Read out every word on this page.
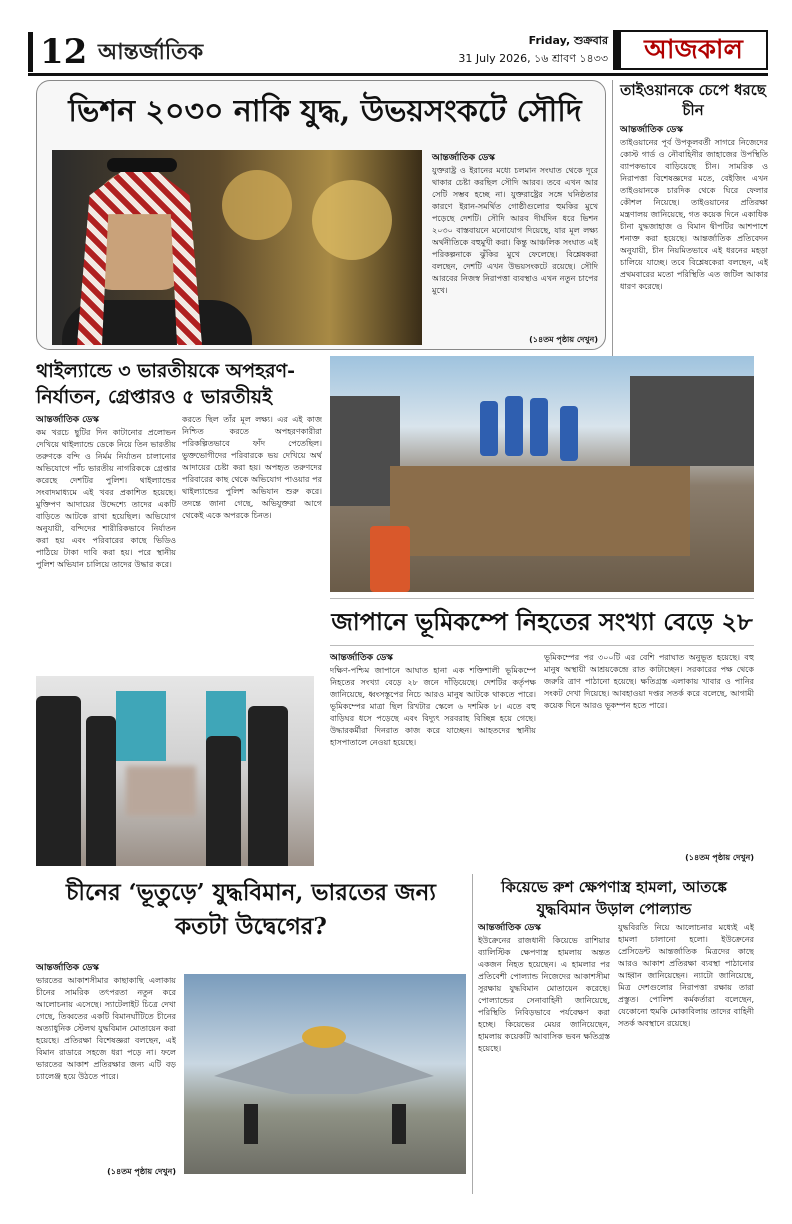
12 আন্তর্জাতিক	Friday, শুক্রবার
31 July 2026, ১৬ শ্রাবণ ১৪৩৩	আজকাল
ভিশন ২০৩০ নাকি যুদ্ধ, উভয়সংকটে সৌদি
আন্তর্জাতিক ডেস্ক
যুক্তরাষ্ট্র ও ইরানের মধ্যে চলমান সংঘাত থেকে দূরে থাকার চেষ্টা করছিল সৌদি আরব। তবে এখন আর সেটি সম্ভব হচ্ছে না। যুক্তরাষ্ট্রের সঙ্গে ঘনিষ্ঠতার কারণে ইরান-সমর্থিত গোষ্ঠীগুলোর হুমকির মুখে পড়েছে দেশটি। সৌদি আরব দীর্ঘদিন ধরে ভিশন ২০৩০ বাস্তবায়নে মনোযোগ দিয়েছে, যার মূল লক্ষ্য অর্থনীতিকে বহুমুখী করা। কিন্তু আঞ্চলিক সংঘাত এই পরিকল্পনাকে ঝুঁকির মুখে ফেলেছে। বিশ্লেষকরা বলছেন, দেশটি এখন উভয়সংকটে রয়েছে। সৌদি আরবের নিজস্ব নিরাপত্তা ব্যবস্থাও এখন নতুন চাপের মুখে।
(১৪তম পৃষ্ঠায় দেখুন)
তাইওয়ানকে চেপে ধরছে চীন
আন্তর্জাতিক ডেস্ক
তাইওয়ানের পূর্ব উপকূলবর্তী সাগরে নিজেদের কোস্ট গার্ড ও নৌবাহিনীর জাহাজের উপস্থিতি ব্যাপকভাবে বাড়িয়েছে চীন। সামরিক ও নিরাপত্তা বিশেষজ্ঞদের মতে, বেইজিং এখন তাইওয়ানকে চারদিক থেকে ঘিরে ফেলার কৌশল নিয়েছে। তাইওয়ানের প্রতিরক্ষা মন্ত্রণালয় জানিয়েছে, গত কয়েক দিনে একাধিক চীনা যুদ্ধজাহাজ ও বিমান দ্বীপটির আশপাশে শনাক্ত করা হয়েছে। আন্তর্জাতিক প্রতিবেদন অনুযায়ী, চীন নিয়মিতভাবে এই ধরনের মহড়া চালিয়ে যাচ্ছে। তবে বিশ্লেষকেরা বলছেন, এই প্রথমবারের মতো পরিস্থিতি এত জটিল আকার ধারণ করেছে।
থাইল্যান্ডে ৩ ভারতীয়কে অপহরণ-নির্যাতন, গ্রেপ্তারও ৫ ভারতীয়ই
আন্তর্জাতিক ডেস্ক
কম খরচে ছুটির দিন কাটানোর প্রলোভন দেখিয়ে থাইল্যান্ডে ডেকে নিয়ে তিন ভারতীয় তরুণকে বন্দি ও নির্মম নির্যাতন চালানোর অভিযোগে পাঁচ ভারতীয় নাগরিককে গ্রেপ্তার করেছে দেশটির পুলিশ। থাইল্যান্ডের সংবাদমাধ্যমে এই খবর প্রকাশিত হয়েছে। মুক্তিপণ আদায়ের উদ্দেশ্যে তাদের একটি বাড়িতে আটকে রাখা হয়েছিল। অভিযোগ অনুযায়ী, বন্দিদের শারীরিকভাবে নির্যাতন করা হয় এবং পরিবারের কাছে ভিডিও পাঠিয়ে টাকা দাবি করা হয়। পরে স্থানীয় পুলিশ অভিযান চালিয়ে তাদের উদ্ধার করে।
করতে ছিল তাঁর মূল লক্ষ্য। এর এই কাজ নিশ্চিত করতে অপহরণকারীরা পরিকল্পিতভাবে ফাঁদ পেতেছিল। ভুক্তভোগীদের পরিবারকে ভয় দেখিয়ে অর্থ আদায়ের চেষ্টা করা হয়। অপহৃত তরুণদের পরিবারের কাছ থেকে অভিযোগ পাওয়ার পর থাইল্যান্ডের পুলিশ অভিযান শুরু করে। তদন্তে জানা গেছে, অভিযুক্তরা আগে থেকেই একে অপরকে চিনত।
জাপানে ভূমিকম্পে নিহতের সংখ্যা বেড়ে ২৮
আন্তর্জাতিক ডেস্ক
দক্ষিণ-পশ্চিম জাপানে আঘাত হানা এক শক্তিশালী ভূমিকম্পে নিহতের সংখ্যা বেড়ে ২৮ জনে দাঁড়িয়েছে। দেশটির কর্তৃপক্ষ জানিয়েছে, ধ্বংসস্তূপের নিচে আরও মানুষ আটকে থাকতে পারে। ভূমিকম্পের মাত্রা ছিল রিখটার স্কেলে ৬ দশমিক ৮। এতে বহু বাড়িঘর ধসে পড়েছে এবং বিদ্যুৎ সরবরাহ বিচ্ছিন্ন হয়ে গেছে। উদ্ধারকর্মীরা দিনরাত কাজ করে যাচ্ছেন। আহতদের স্থানীয় হাসপাতালে নেওয়া হয়েছে।
ভূমিকম্পের পর ৩০০টি এর বেশি পরাঘাত অনুভূত হয়েছে। বহু মানুষ অস্থায়ী আশ্রয়কেন্দ্রে রাত কাটাচ্ছেন। সরকারের পক্ষ থেকে জরুরি ত্রাণ পাঠানো হয়েছে। ক্ষতিগ্রস্ত এলাকায় খাবার ও পানির সংকট দেখা দিয়েছে। আবহাওয়া দপ্তর সতর্ক করে বলেছে, আগামী কয়েক দিনে আরও ভূকম্পন হতে পারে।
(১৪তম পৃষ্ঠায় দেখুন)
চীনের ‘ভূতুড়ে’ যুদ্ধবিমান, ভারতের জন্য কতটা উদ্বেগের?
আন্তর্জাতিক ডেস্ক
ভারতের আকাশসীমার কাছাকাছি এলাকায় চীনের সামরিক তৎপরতা নতুন করে আলোচনায় এসেছে। স্যাটেলাইট চিত্রে দেখা গেছে, তিব্বতের একটি বিমানঘাঁটিতে চীনের অত্যাধুনিক স্টেলথ যুদ্ধবিমান মোতায়েন করা হয়েছে। প্রতিরক্ষা বিশেষজ্ঞরা বলছেন, এই বিমান রাডারে সহজে ধরা পড়ে না। ফলে ভারতের আকাশ প্রতিরক্ষার জন্য এটি বড় চ্যালেঞ্জ হয়ে উঠতে পারে।
(১৪তম পৃষ্ঠায় দেখুন)
কিয়েভে রুশ ক্ষেপণাস্ত্র হামলা, আতঙ্কে যুদ্ধবিমান উড়াল পোল্যান্ড
আন্তর্জাতিক ডেস্ক
ইউক্রেনের রাজধানী কিয়েভে রাশিয়ার ব্যালিস্টিক ক্ষেপণাস্ত্র হামলায় অন্তত একজন নিহত হয়েছেন। এ হামলার পর প্রতিবেশী পোল্যান্ড নিজেদের আকাশসীমা সুরক্ষায় যুদ্ধবিমান মোতায়েন করেছে। পোল্যান্ডের সেনাবাহিনী জানিয়েছে, পরিস্থিতি নিবিড়ভাবে পর্যবেক্ষণ করা হচ্ছে। কিয়েভের মেয়র জানিয়েছেন, হামলায় কয়েকটি আবাসিক ভবন ক্ষতিগ্রস্ত হয়েছে।
যুদ্ধবিরতি নিয়ে আলোচনার মধ্যেই এই হামলা চালানো হলো। ইউক্রেনের প্রেসিডেন্ট আন্তর্জাতিক মিত্রদের কাছে আরও আকাশ প্রতিরক্ষা ব্যবস্থা পাঠানোর আহ্বান জানিয়েছেন। ন্যাটো জানিয়েছে, মিত্র দেশগুলোর নিরাপত্তা রক্ষায় তারা প্রস্তুত। পোলিশ কর্মকর্তারা বলেছেন, যেকোনো হুমকি মোকাবিলায় তাদের বাহিনী সতর্ক অবস্থানে রয়েছে।
